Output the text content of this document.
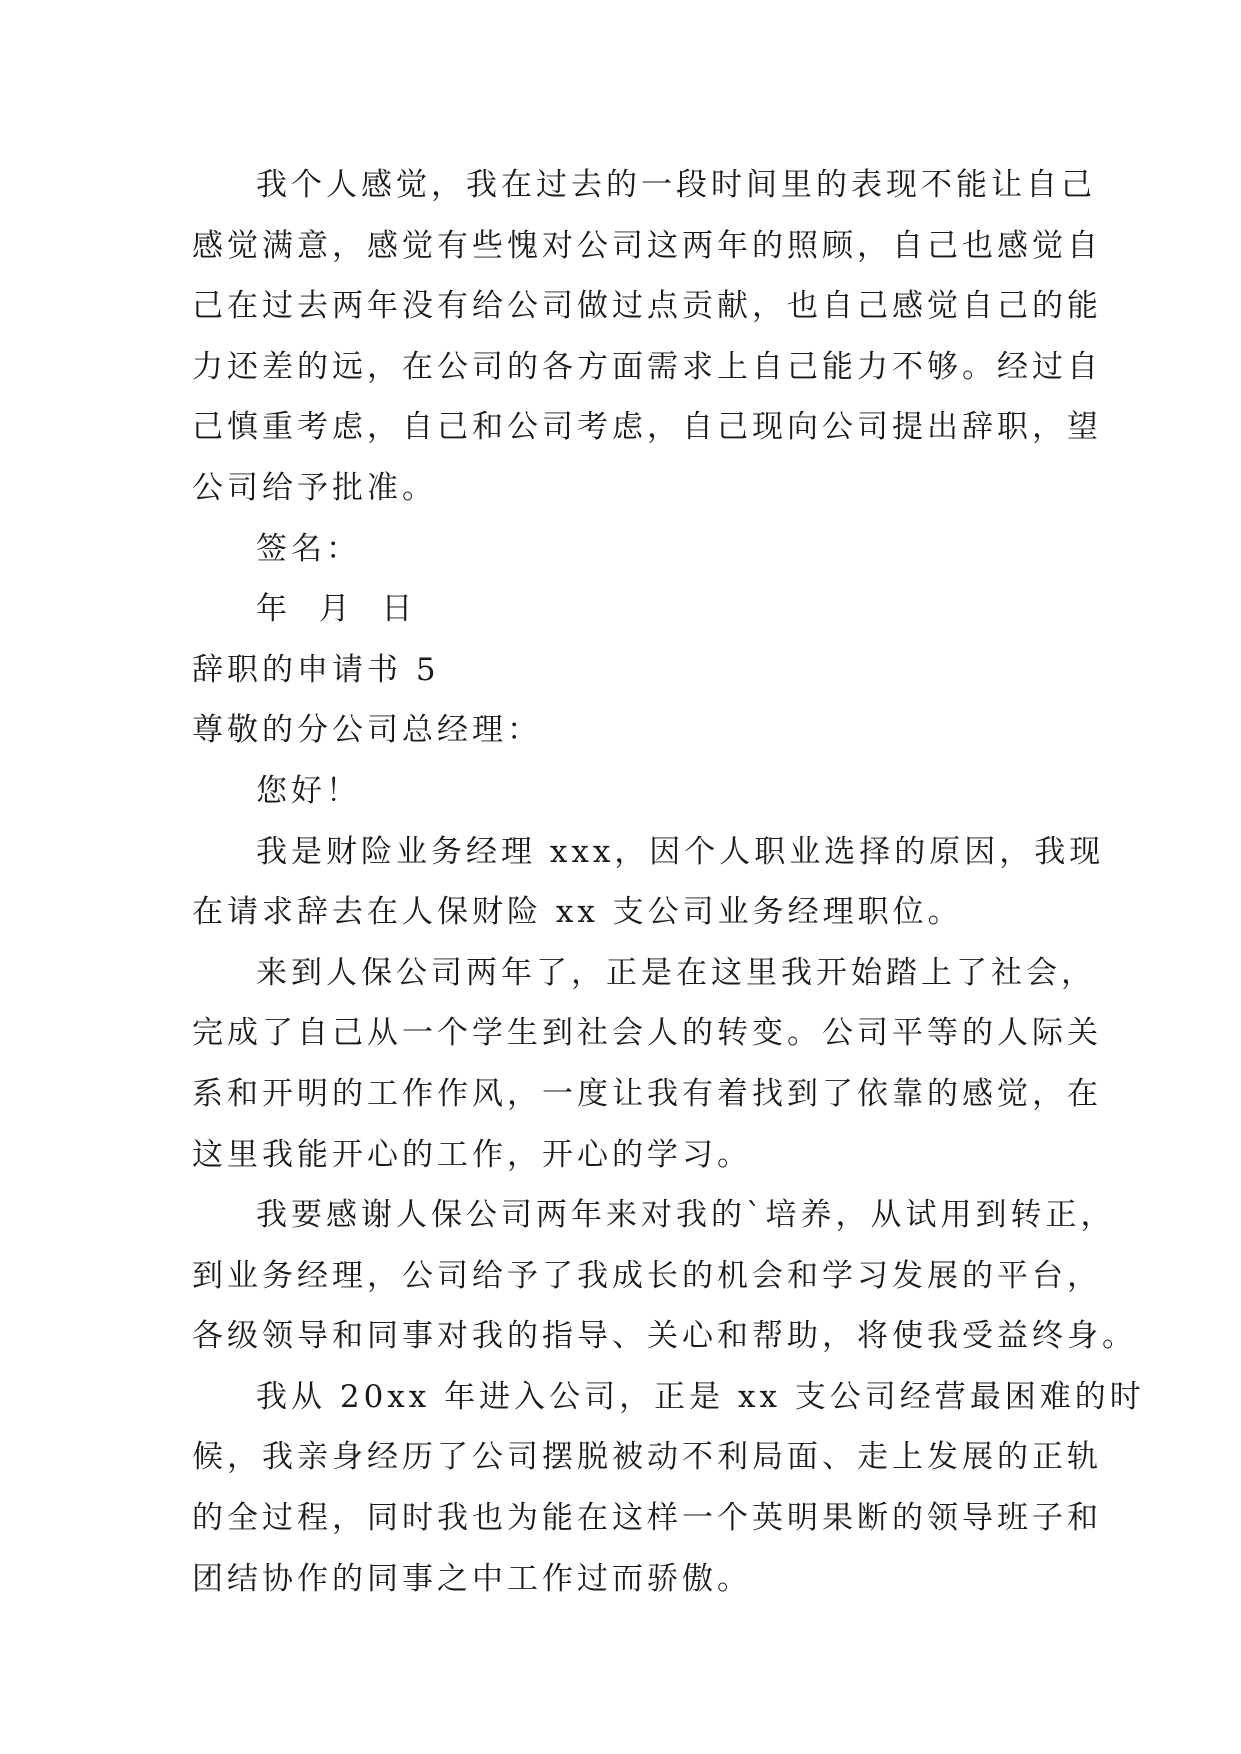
我个人感觉，我在过去的一段时间里的表现不能让自己
感觉满意，感觉有些愧对公司这两年的照顾，自己也感觉自
己在过去两年没有给公司做过点贡献，也自己感觉自己的能
力还差的远，在公司的各方面需求上自己能力不够。经过自
己慎重考虑，自己和公司考虑，自己现向公司提出辞职，望
公司给予批准。
签名：
年  月  日
辞职的申请书 5
尊敬的分公司总经理：
您好！
我是财险业务经理 xxx，因个人职业选择的原因，我现
在请求辞去在人保财险 xx 支公司业务经理职位。
来到人保公司两年了，正是在这里我开始踏上了社会，
完成了自己从一个学生到社会人的转变。公司平等的人际关
系和开明的工作作风，一度让我有着找到了依靠的感觉，在
这里我能开心的工作，开心的学习。
我要感谢人保公司两年来对我的`培养，从试用到转正，
到业务经理，公司给予了我成长的机会和学习发展的平台，
各级领导和同事对我的指导、关心和帮助，将使我受益终身。
我从 20xx 年进入公司，正是 xx 支公司经营最困难的时
候，我亲身经历了公司摆脱被动不利局面、走上发展的正轨
的全过程，同时我也为能在这样一个英明果断的领导班子和
团结协作的同事之中工作过而骄傲。
